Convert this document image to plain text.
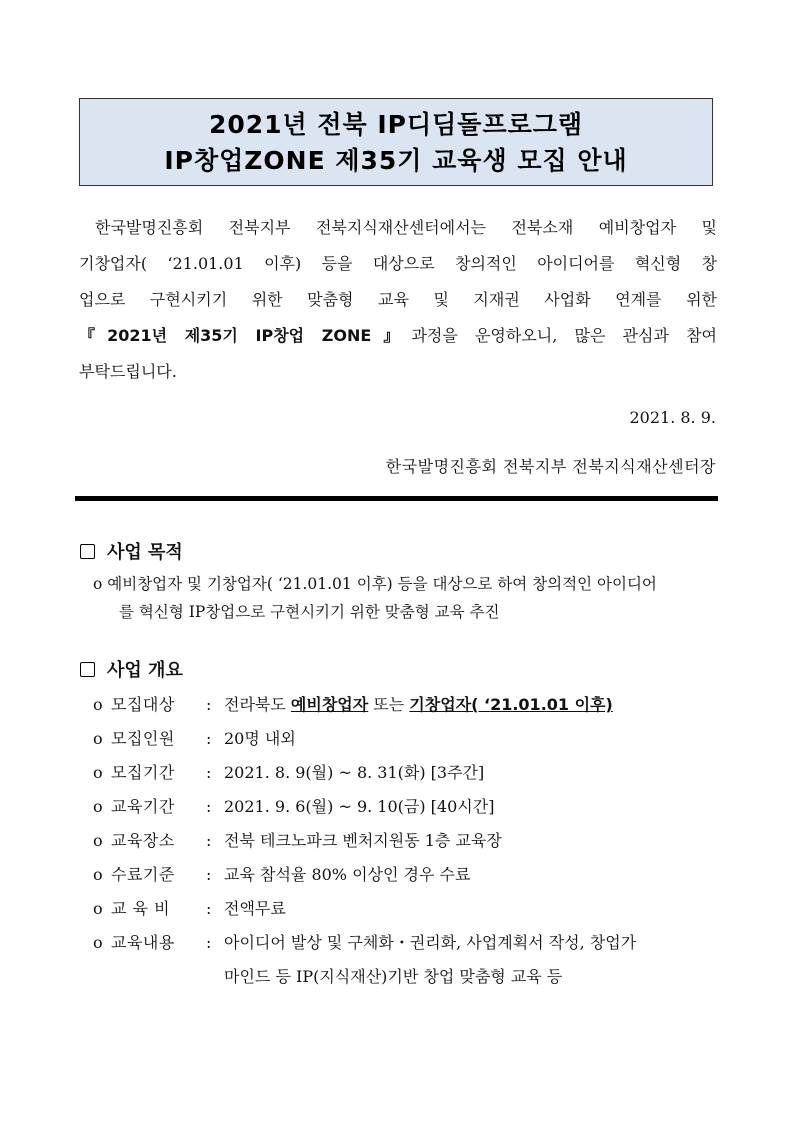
2021년 전북 IP디딤돌프로그램
IP창업ZONE 제35기 교육생 모집 안내
한국발명진흥회 전북지부 전북지식재산센터에서는 전북소재 예비창업자 및
기창업자( ‘21.01.01 이후) 등을 대상으로 창의적인 아이디어를 혁신형 창
업으로 구현시키기 위한 맞춤형 교육 및 지재권 사업화 연계를 위한
『2021년 제35기 IP창업 ZONE』과정을 운영하오니, 많은 관심과 참여
부탁드립니다.
2021. 8. 9.
한국발명진흥회 전북지부 전북지식재산센터장
사업 목적
o 예비창업자 및 기창업자( ‘21.01.01 이후) 등을 대상으로 하여 창의적인 아이디어
를 혁신형 IP창업으로 구현시키기 위한 맞춤형 교육 추진
사업 개요
o 모집대상	: 전라북도 예비창업자 또는 기창업자( ‘21.01.01 이후)
o 모집인원	: 20명 내외
o 모집기간	: 2021. 8. 9(월) ~ 8. 31(화) [3주간]
o 교육기간	: 2021. 9. 6(월) ~ 9. 10(금) [40시간]
o 교육장소	: 전북 테크노파크 벤처지원동 1층 교육장
o 수료기준	: 교육 참석율 80% 이상인 경우 수료
o 교 육 비	: 전액무료
o 교육내용	: 아이디어 발상 및 구체화・권리화, 사업계획서 작성, 창업가
마인드 등 IP(지식재산)기반 창업 맞춤형 교육 등
